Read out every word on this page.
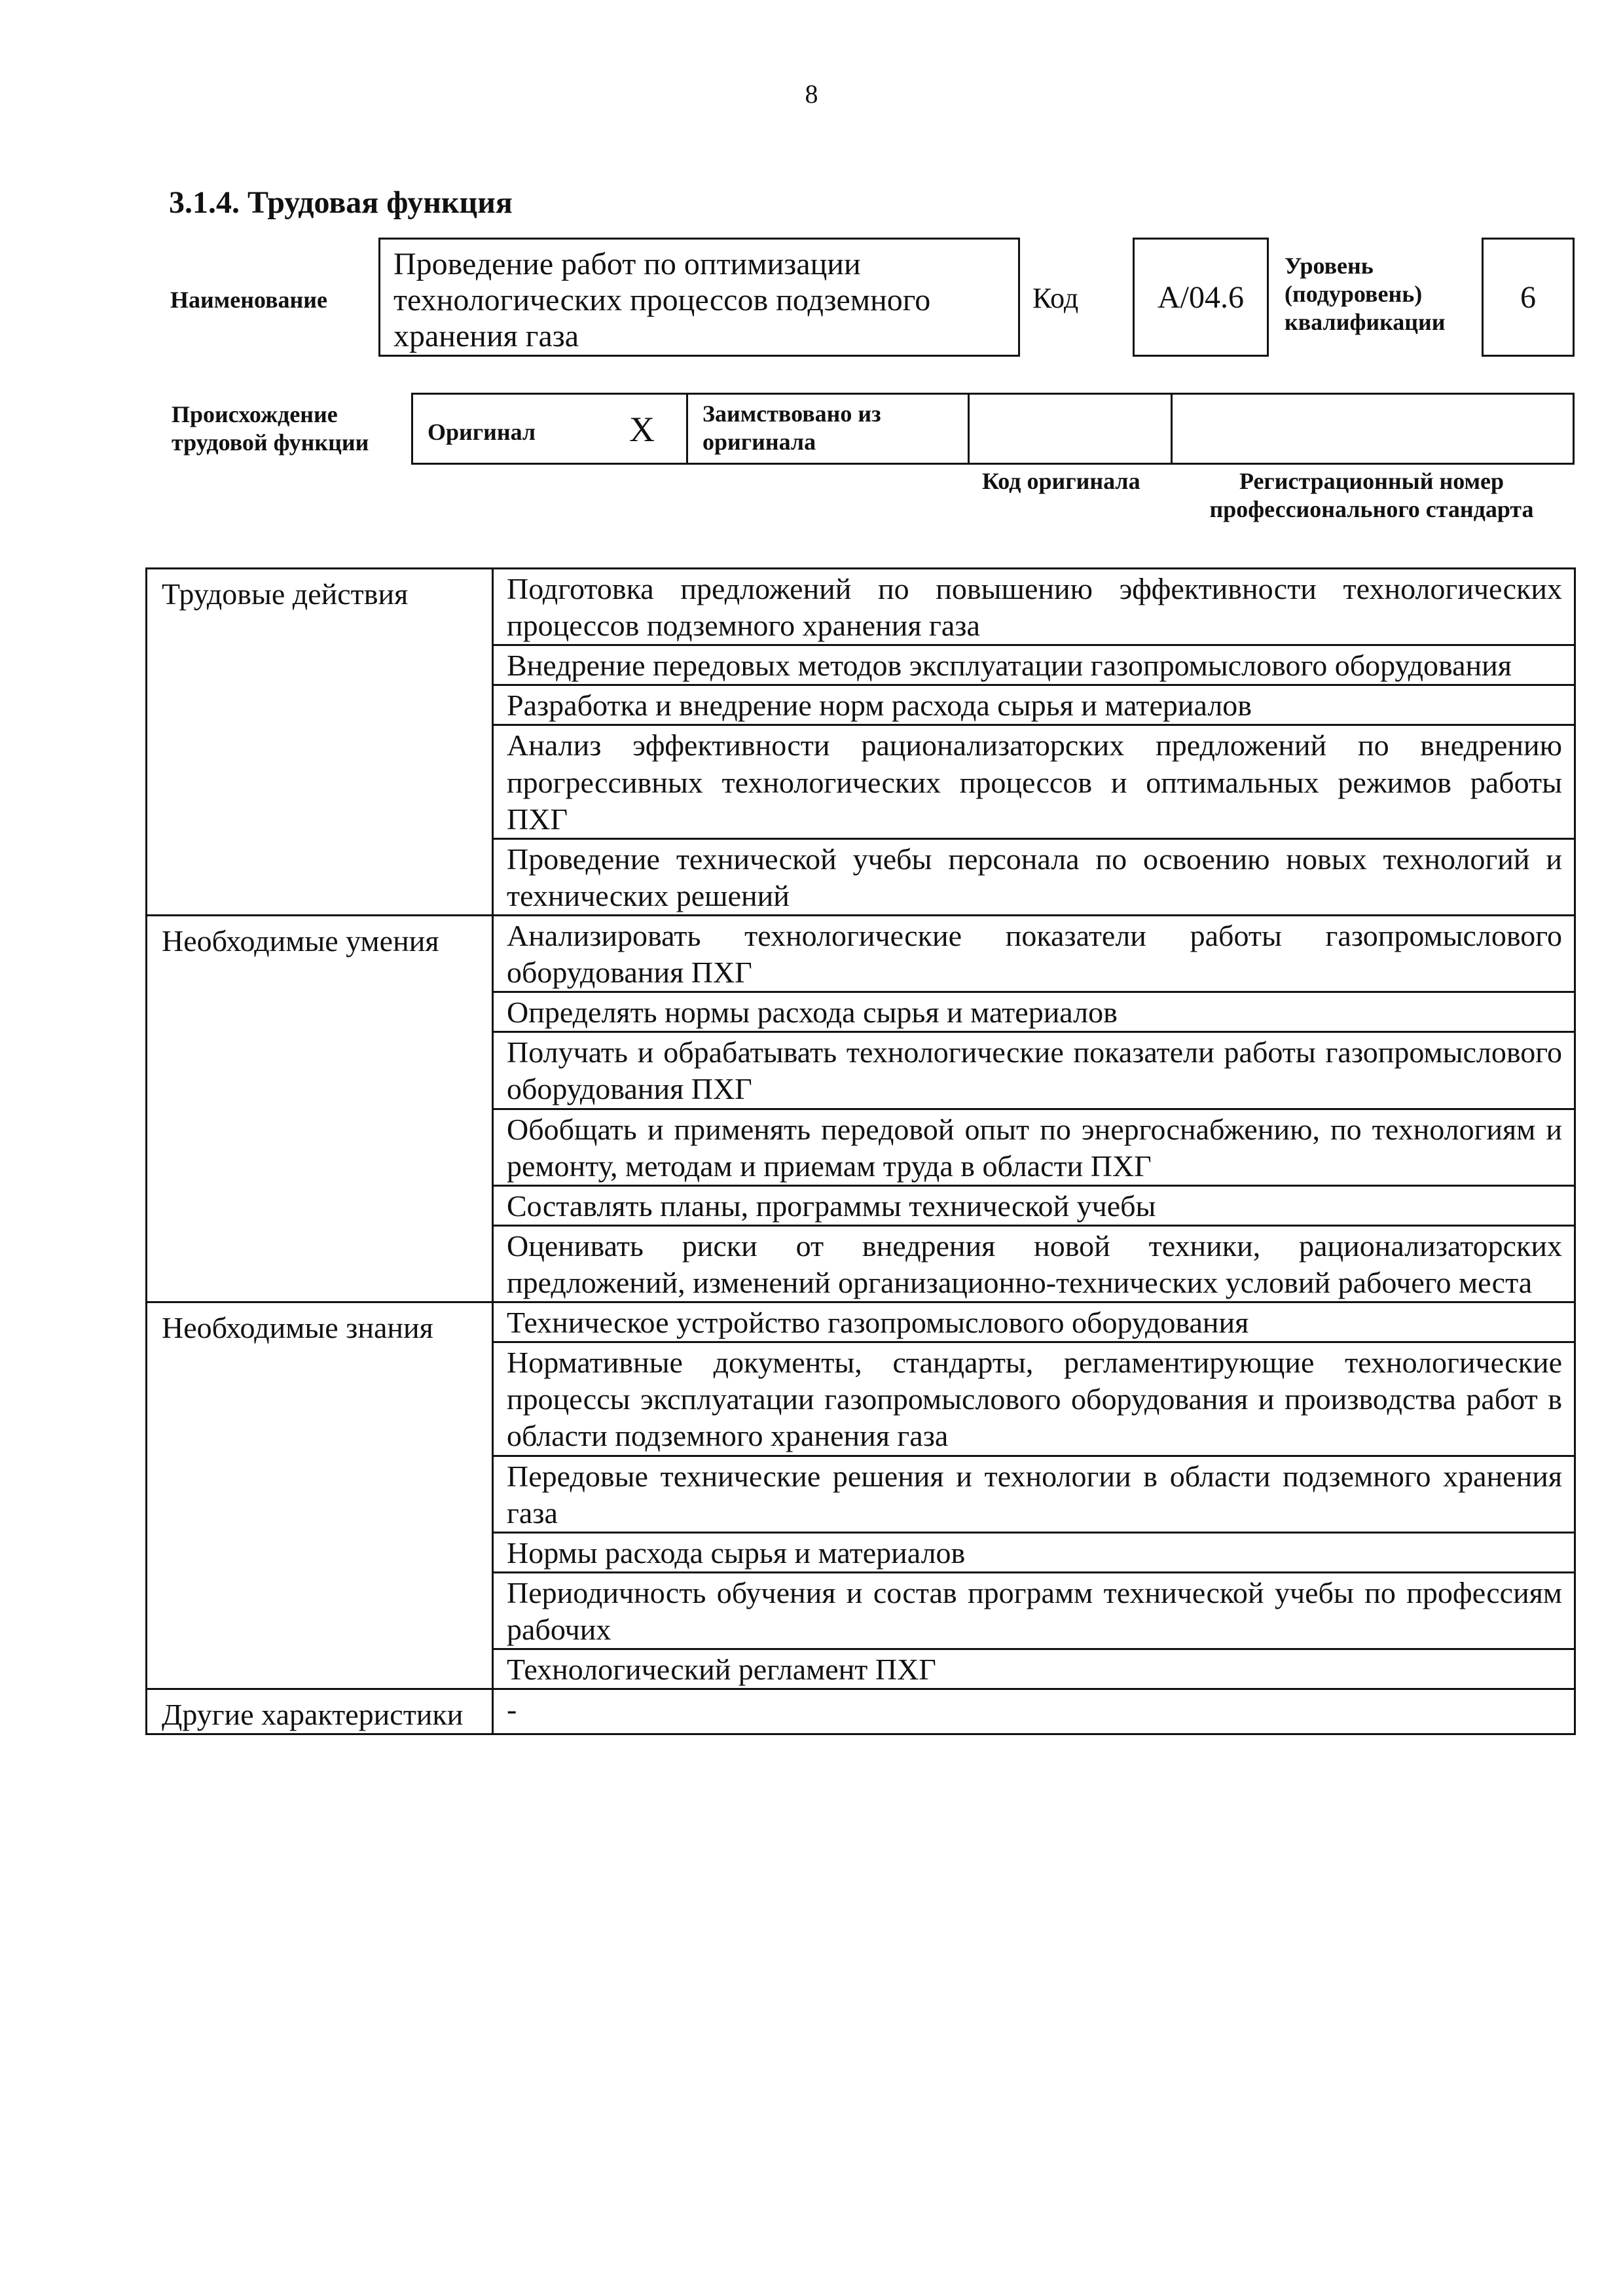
8
3.1.4. Трудовая функция
Наименование
Проведение работ по оптимизации технологических процессов подземного хранения газа
Код	A/04.6
Уровень (подуровень) квалификации
6
Происхождение трудовой функции	Оригинал	X Заимствовано из оригинала
Код оригинала	Регистрационный номер профессионального стандарта
Трудовые действия	Подготовка предложений по повышению эффективности технологических процессов подземного хранения газа
	Внедрение передовых методов эксплуатации газопромыслового оборудования
	Разработка и внедрение норм расхода сырья и материалов
	Анализ эффективности рационализаторских предложений по внедрению прогрессивных технологических процессов и оптимальных режимов работы ПХГ
	Проведение технической учебы персонала по освоению новых технологий и технических решений
Необходимые умения	Анализировать технологические показатели работы газопромыслового оборудования ПХГ
	Определять нормы расхода сырья и материалов
	Получать и обрабатывать технологические показатели работы газопромыслового оборудования ПХГ
	Обобщать и применять передовой опыт по энергоснабжению, по технологиям и ремонту, методам и приемам труда в области ПХГ
	Составлять планы, программы технической учебы
	Оценивать риски от внедрения новой техники, рационализаторских предложений, изменений организационно-технических условий рабочего места
Необходимые знания	Техническое устройство газопромыслового оборудования
	Нормативные документы, стандарты, регламентирующие технологические процессы эксплуатации газопромыслового оборудования и производства работ в области подземного хранения газа
	Передовые технические решения и технологии в области подземного хранения газа
	Нормы расхода сырья и материалов
	Периодичность обучения и состав программ технической учебы по профессиям рабочих
	Технологический регламент ПХГ
Другие характеристики	-
